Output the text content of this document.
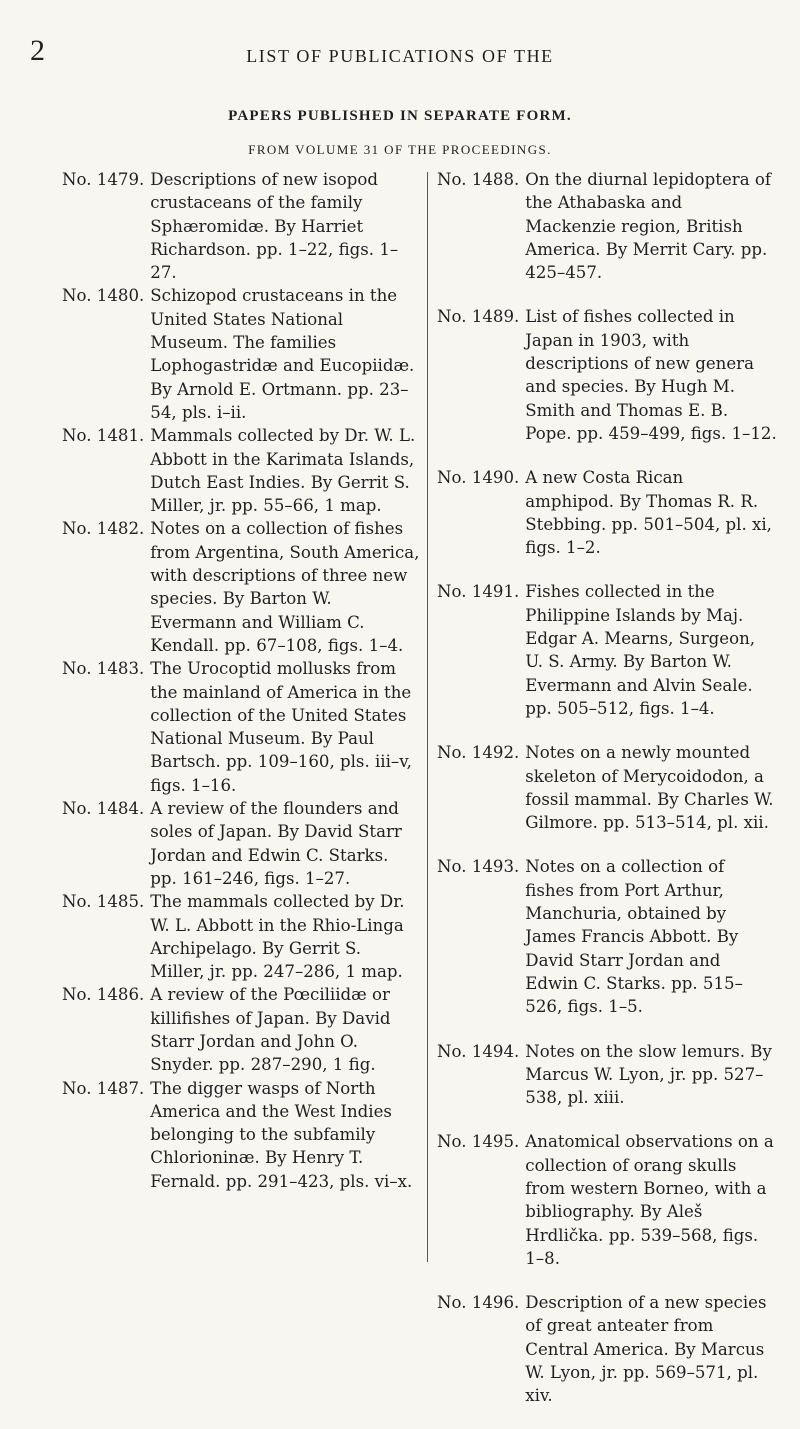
2	LIST OF PUBLICATIONS OF THE
PAPERS PUBLISHED IN SEPARATE FORM.
FROM VOLUME 31 OF THE PROCEEDINGS.
No. 1479. Descriptions of new isopod crustaceans of the family Sphæromidæ. By Harriet Richardson. pp. 1–22, figs. 1–27.
No. 1480. Schizopod crustaceans in the United States National Museum. The families Lophogastridæ and Eucopiidæ. By Arnold E. Ortmann. pp. 23–54, pls. i–ii.
No. 1481. Mammals collected by Dr. W. L. Abbott in the Karimata Islands, Dutch East Indies. By Gerrit S. Miller, jr. pp. 55–66, 1 map.
No. 1482. Notes on a collection of fishes from Argentina, South America, with descriptions of three new species. By Barton W. Evermann and William C. Kendall. pp. 67–108, figs. 1–4.
No. 1483. The Urocoptid mollusks from the mainland of America in the collection of the United States National Museum. By Paul Bartsch. pp. 109–160, pls. iii–v, figs. 1–16.
No. 1484. A review of the flounders and soles of Japan. By David Starr Jordan and Edwin C. Starks. pp. 161–246, figs. 1–27.
No. 1485. The mammals collected by Dr. W. L. Abbott in the Rhio-Linga Archipelago. By Gerrit S. Miller, jr. pp. 247–286, 1 map.
No. 1486. A review of the Pœciliidæ or killifishes of Japan. By David Starr Jordan and John O. Snyder. pp. 287–290, 1 fig.
No. 1487. The digger wasps of North America and the West Indies belonging to the subfamily Chlorioninæ. By Henry T. Fernald. pp. 291–423, pls. vi–x.
No. 1488. On the diurnal lepidoptera of the Athabaska and Mackenzie region, British America. By Merrit Cary. pp. 425–457.
No. 1489. List of fishes collected in Japan in 1903, with descriptions of new genera and species. By Hugh M. Smith and Thomas E. B. Pope. pp. 459–499, figs. 1–12.
No. 1490. A new Costa Rican amphipod. By Thomas R. R. Stebbing. pp. 501–504, pl. xi, figs. 1–2.
No. 1491. Fishes collected in the Philippine Islands by Maj. Edgar A. Mearns, Surgeon, U. S. Army. By Barton W. Evermann and Alvin Seale. pp. 505–512, figs. 1–4.
No. 1492. Notes on a newly mounted skeleton of Merycoidodon, a fossil mammal. By Charles W. Gilmore. pp. 513–514, pl. xii.
No. 1493. Notes on a collection of fishes from Port Arthur, Manchuria, obtained by James Francis Abbott. By David Starr Jordan and Edwin C. Starks. pp. 515–526, figs. 1–5.
No. 1494. Notes on the slow lemurs. By Marcus W. Lyon, jr. pp. 527–538, pl. xiii.
No. 1495. Anatomical observations on a collection of orang skulls from western Borneo, with a bibliography. By Aleš Hrdlička. pp. 539–568, figs. 1–8.
No. 1496. Description of a new species of great anteater from Central America. By Marcus W. Lyon, jr. pp. 569–571, pl. xiv.
